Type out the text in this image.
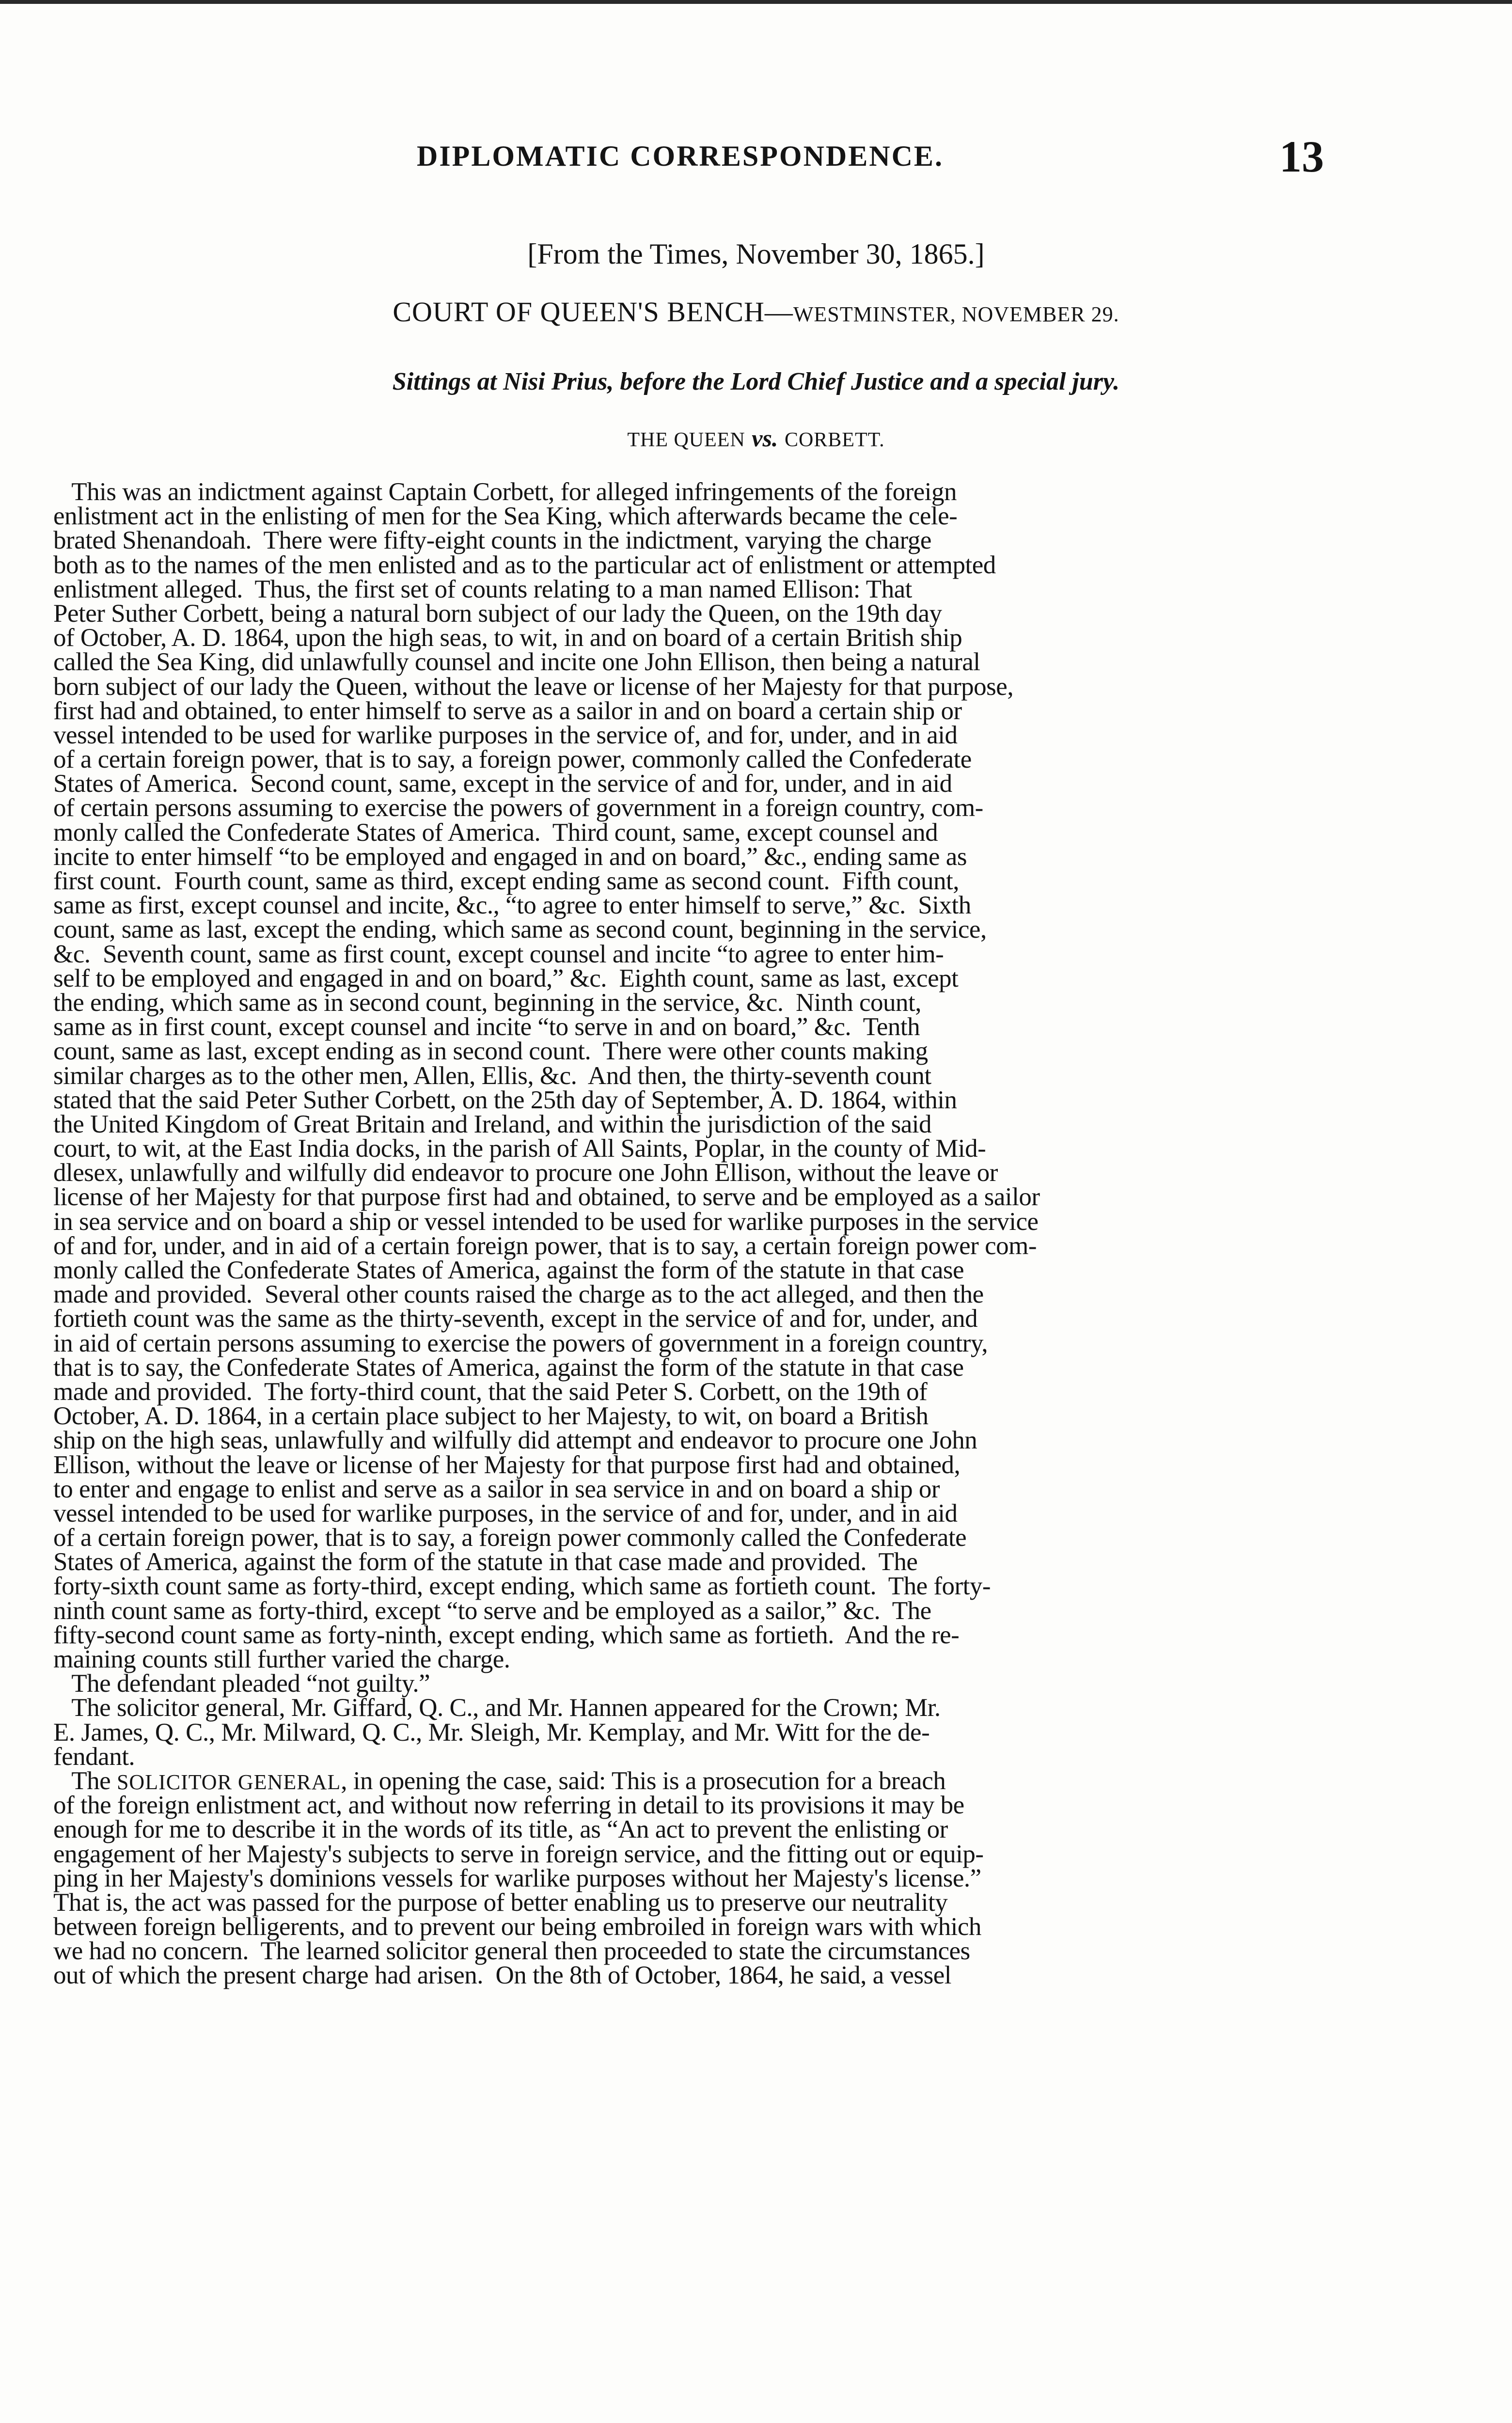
DIPLOMATIC CORRESPONDENCE.	13
[From the Times, November 30, 1865.]
COURT OF QUEEN'S BENCH—WESTMINSTER, NOVEMBER 29.
Sittings at Nisi Prius, before the Lord Chief Justice and a special jury.
THE QUEEN vs. CORBETT.
This was an indictment against Captain Corbett, for alleged infringements of the foreign
enlistment act in the enlisting of men for the Sea King, which afterwards became the cele-
brated Shenandoah.  There were fifty-eight counts in the indictment, varying the charge
both as to the names of the men enlisted and as to the particular act of enlistment or attempted
enlistment alleged.  Thus, the first set of counts relating to a man named Ellison: That
Peter Suther Corbett, being a natural born subject of our lady the Queen, on the 19th day
of October, A. D. 1864, upon the high seas, to wit, in and on board of a certain British ship
called the Sea King, did unlawfully counsel and incite one John Ellison, then being a natural
born subject of our lady the Queen, without the leave or license of her Majesty for that purpose,
first had and obtained, to enter himself to serve as a sailor in and on board a certain ship or
vessel intended to be used for warlike purposes in the service of, and for, under, and in aid
of a certain foreign power, that is to say, a foreign power, commonly called the Confederate
States of America.  Second count, same, except in the service of and for, under, and in aid
of certain persons assuming to exercise the powers of government in a foreign country, com-
monly called the Confederate States of America.  Third count, same, except counsel and
incite to enter himself “to be employed and engaged in and on board,” &c., ending same as
first count.  Fourth count, same as third, except ending same as second count.  Fifth count,
same as first, except counsel and incite, &c., “to agree to enter himself to serve,” &c.  Sixth
count, same as last, except the ending, which same as second count, beginning in the service,
&c.  Seventh count, same as first count, except counsel and incite “to agree to enter him-
self to be employed and engaged in and on board,” &c.  Eighth count, same as last, except
the ending, which same as in second count, beginning in the service, &c.  Ninth count,
same as in first count, except counsel and incite “to serve in and on board,” &c.  Tenth
count, same as last, except ending as in second count.  There were other counts making
similar charges as to the other men, Allen, Ellis, &c.  And then, the thirty-seventh count
stated that the said Peter Suther Corbett, on the 25th day of September, A. D. 1864, within
the United Kingdom of Great Britain and Ireland, and within the jurisdiction of the said
court, to wit, at the East India docks, in the parish of All Saints, Poplar, in the county of Mid-
dlesex, unlawfully and wilfully did endeavor to procure one John Ellison, without the leave or
license of her Majesty for that purpose first had and obtained, to serve and be employed as a sailor
in sea service and on board a ship or vessel intended to be used for warlike purposes in the service
of and for, under, and in aid of a certain foreign power, that is to say, a certain foreign power com-
monly called the Confederate States of America, against the form of the statute in that case
made and provided.  Several other counts raised the charge as to the act alleged, and then the
fortieth count was the same as the thirty-seventh, except in the service of and for, under, and
in aid of certain persons assuming to exercise the powers of government in a foreign country,
that is to say, the Confederate States of America, against the form of the statute in that case
made and provided.  The forty-third count, that the said Peter S. Corbett, on the 19th of
October, A. D. 1864, in a certain place subject to her Majesty, to wit, on board a British
ship on the high seas, unlawfully and wilfully did attempt and endeavor to procure one John
Ellison, without the leave or license of her Majesty for that purpose first had and obtained,
to enter and engage to enlist and serve as a sailor in sea service in and on board a ship or
vessel intended to be used for warlike purposes, in the service of and for, under, and in aid
of a certain foreign power, that is to say, a foreign power commonly called the Confederate
States of America, against the form of the statute in that case made and provided.  The
forty-sixth count same as forty-third, except ending, which same as fortieth count.  The forty-
ninth count same as forty-third, except “to serve and be employed as a sailor,” &c.  The
fifty-second count same as forty-ninth, except ending, which same as fortieth.  And the re-
maining counts still further varied the charge.
The defendant pleaded “not guilty.”
The solicitor general, Mr. Giffard, Q. C., and Mr. Hannen appeared for the Crown; Mr.
E. James, Q. C., Mr. Milward, Q. C., Mr. Sleigh, Mr. Kemplay, and Mr. Witt for the de-
fendant.
The SOLICITOR GENERAL, in opening the case, said: This is a prosecution for a breach
of the foreign enlistment act, and without now referring in detail to its provisions it may be
enough for me to describe it in the words of its title, as “An act to prevent the enlisting or
engagement of her Majesty's subjects to serve in foreign service, and the fitting out or equip-
ping in her Majesty's dominions vessels for warlike purposes without her Majesty's license.”
That is, the act was passed for the purpose of better enabling us to preserve our neutrality
between foreign belligerents, and to prevent our being embroiled in foreign wars with which
we had no concern.  The learned solicitor general then proceeded to state the circumstances
out of which the present charge had arisen.  On the 8th of October, 1864, he said, a vessel
